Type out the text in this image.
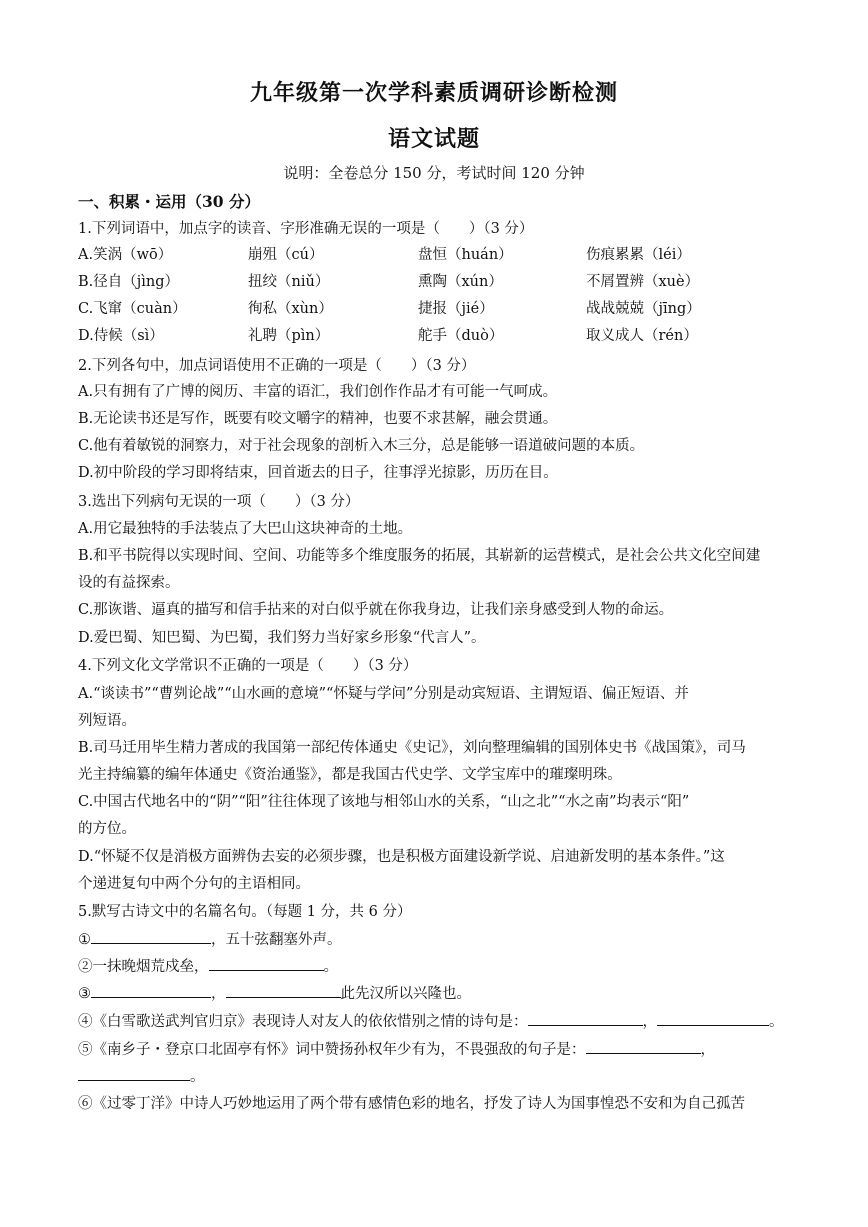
九年级第一次学科素质调研诊断检测
语文试题
说明：全卷总分 150 分，考试时间 120 分钟
一、积累・运用（30 分）
1.下列词语中，加点字的读音、字形准确无误的一项是（　　）（3 分）
A.笑涡（wō）	崩殂（cú）	盘恒（huán）	伤痕累累（léi）
B.径自（jìng）	扭绞（niǔ）	熏陶（xún）	不屑置辨（xuè）
C.飞窜（cuàn）	徇私（xùn）	捷报（jié）	战战兢兢（jīng）
D.侍候（sì）	礼聘（pìn）	舵手（duò）	取义成人（rén）
2.下列各句中，加点词语使用不正确的一项是（　　）（3 分）
A.只有拥有了广博的阅历、丰富的语汇，我们创作作品才有可能一气呵成。
B.无论读书还是写作，既要有咬文嚼字的精神，也要不求甚解，融会贯通。
C.他有着敏锐的洞察力，对于社会现象的剖析入木三分，总是能够一语道破问题的本质。
D.初中阶段的学习即将结束，回首逝去的日子，往事浮光掠影，历历在目。
3.选出下列病句无误的一项（　　）（3 分）
A.用它最独特的手法装点了大巴山这块神奇的土地。
B.和平书院得以实现时间、空间、功能等多个维度服务的拓展，其崭新的运营模式，是社会公共文化空间建
设的有益探索。
C.那诙谐、逼真的描写和信手拈来的对白似乎就在你我身边，让我们亲身感受到人物的命运。
D.爱巴蜀、知巴蜀、为巴蜀，我们努力当好家乡形象“代言人”。
4.下列文化文学常识不正确的一项是（　　）（3 分）
A.“谈读书”“曹刿论战”“山水画的意境”“怀疑与学问”分别是动宾短语、主谓短语、偏正短语、并
列短语。
B.司马迁用毕生精力著成的我国第一部纪传体通史《史记》，刘向整理编辑的国别体史书《战国策》，司马
光主持编纂的编年体通史《资治通鉴》，都是我国古代史学、文学宝库中的璀璨明珠。
C.中国古代地名中的“阴”“阳”往往体现了该地与相邻山水的关系，“山之北”“水之南”均表示“阳”
的方位。
D.“怀疑不仅是消极方面辨伪去妄的必须步骤，也是积极方面建设新学说、启迪新发明的基本条件。”这
个递进复句中两个分句的主语相同。
5.默写古诗文中的名篇名句。（每题 1 分，共 6 分）
①	，五十弦翻塞外声。
②一抹晚烟荒戍垒，	。
③	，	此先汉所以兴隆也。
④《白雪歌送武判官归京》表现诗人对友人的依依惜别之情的诗句是：	，	。
⑤《南乡子・登京口北固亭有怀》词中赞扬孙权年少有为，不畏强敌的句子是：	，
。
⑥《过零丁洋》中诗人巧妙地运用了两个带有感情色彩的地名，抒发了诗人为国事惶恐不安和为自己孤苦
